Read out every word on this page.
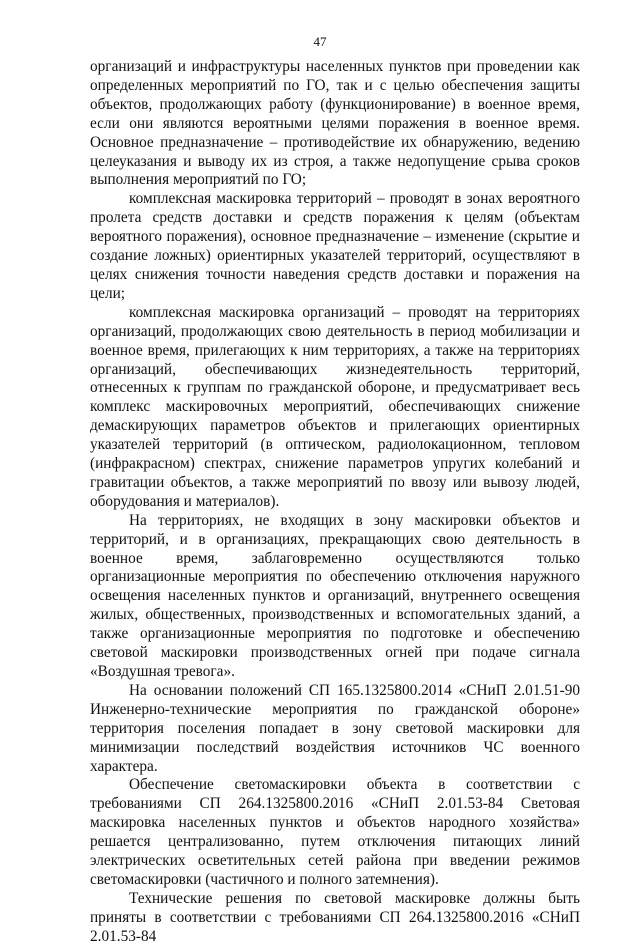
47

организаций и инфраструктуры населенных пунктов при проведении как определенных мероприятий по ГО, так и с целью обеспечения защиты объектов, продолжающих работу (функционирование) в военное время, если они являются вероятными целями поражения в военное время. Основное предназначение – противодействие их обнаружению, ведению целеуказания и выводу их из строя, а также недопущение срыва сроков выполнения мероприятий по ГО;

комплексная маскировка территорий – проводят в зонах вероятного пролета средств доставки и средств поражения к целям (объектам вероятного поражения), основное предназначение – изменение (скрытие и создание ложных) ориентирных указателей территорий, осуществляют в целях снижения точности наведения средств доставки и поражения на цели;

комплексная маскировка организаций – проводят на территориях организаций, продолжающих свою деятельность в период мобилизации и военное время, прилегающих к ним территориях, а также на территориях организаций, обеспечивающих жизнедеятельность территорий, отнесенных к группам по гражданской обороне, и предусматривает весь комплекс маскировочных мероприятий, обеспечивающих снижение демаскирующих параметров объектов и прилегающих ориентирных указателей территорий (в оптическом, радиолокационном, тепловом (инфракрасном) спектрах, снижение параметров упругих колебаний и гравитации объектов, а также мероприятий по ввозу или вывозу людей, оборудования и материалов).

На территориях, не входящих в зону маскировки объектов и территорий, и в организациях, прекращающих свою деятельность в военное время, заблаговременно осуществляются только организационные мероприятия по обеспечению отключения наружного освещения населенных пунктов и организаций, внутреннего освещения жилых, общественных, производственных и вспомогательных зданий, а также организационные мероприятия по подготовке и обеспечению световой маскировки производственных огней при подаче сигнала «Воздушная тревога».

На основании положений СП 165.1325800.2014 «СНиП 2.01.51-90 Инженерно-технические мероприятия по гражданской обороне» территория поселения попадает в зону световой маскировки для минимизации последствий воздействия источников ЧС военного характера.

Обеспечение светомаскировки объекта в соответствии с требованиями СП 264.1325800.2016 «СНиП 2.01.53-84 Световая маскировка населенных пунктов и объектов народного хозяйства» решается централизованно, путем отключения питающих линий электрических осветительных сетей района при введении режимов светомаскировки (частичного и полного затемнения).

Технические решения по световой маскировке должны быть приняты в соответствии с требованиями СП 264.1325800.2016 «СНиП 2.01.53-84
